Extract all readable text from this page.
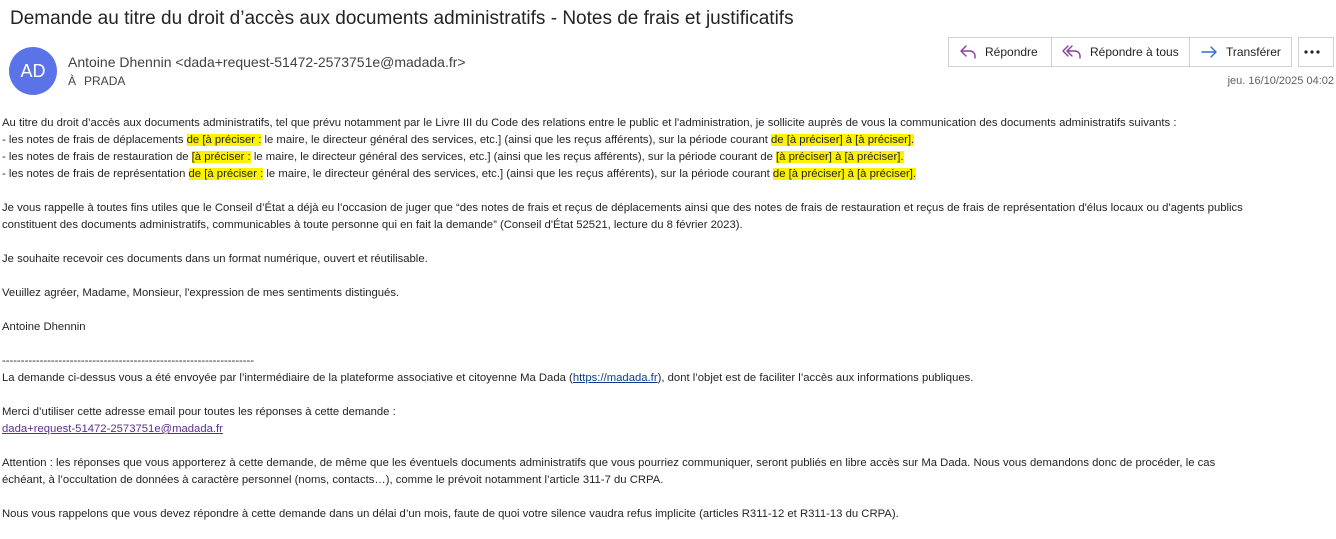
Demande au titre du droit d’accès aux documents administratifs - Notes de frais et justificatifs
AD	Antoine Dhennin <dada+request-51472-2573751e@madada.fr>
À PRADA
Répondre	Répondre à tous	Transférer
jeu. 16/10/2025 04:02

Au titre du droit d’accès aux documents administratifs, tel que prévu notamment par le Livre III du Code des relations entre le public et l'administration, je sollicite auprès de vous la communication des documents administratifs suivants :

- les notes de frais de déplacements de [à préciser : le maire, le directeur général des services, etc.] (ainsi que les reçus afférents), sur la période courant de [à préciser] à [à préciser].

- les notes de frais de restauration de [à préciser : le maire, le directeur général des services, etc.] (ainsi que les reçus afférents), sur la période courant de [à préciser] à [à préciser].

- les notes de frais de représentation de [à préciser : le maire, le directeur général des services, etc.] (ainsi que les reçus afférents), sur la période courant de [à préciser] à [à préciser].

Je vous rappelle à toutes fins utiles que le Conseil d’État a déjà eu l’occasion de juger que “des notes de frais et reçus de déplacements ainsi que des notes de frais de restauration et reçus de frais de représentation d'élus locaux ou d'agents publics

constituent des documents administratifs, communicables à toute personne qui en fait la demande” (Conseil d'État 52521, lecture du 8 février 2023).

Je souhaite recevoir ces documents dans un format numérique, ouvert et réutilisable.

Veuillez agréer, Madame, Monsieur, l'expression de mes sentiments distingués.

Antoine Dhennin

-------------------------------------------------------------------

La demande ci-dessus vous a été envoyée par l’intermédiaire de la plateforme associative et citoyenne Ma Dada (https://madada.fr), dont l’objet est de faciliter l’accès aux informations publiques.

Merci d’utiliser cette adresse email pour toutes les réponses à cette demande :

dada+request-51472-2573751e@madada.fr

Attention : les réponses que vous apporterez à cette demande, de même que les éventuels documents administratifs que vous pourriez communiquer, seront publiés en libre accès sur Ma Dada. Nous vous demandons donc de procéder, le cas

échéant, à l’occultation de données à caractère personnel (noms, contacts…), comme le prévoit notamment l’article 311-7 du CRPA.

Nous vous rappelons que vous devez répondre à cette demande dans un délai d’un mois, faute de quoi votre silence vaudra refus implicite (articles R311-12 et R311-13 du CRPA).
